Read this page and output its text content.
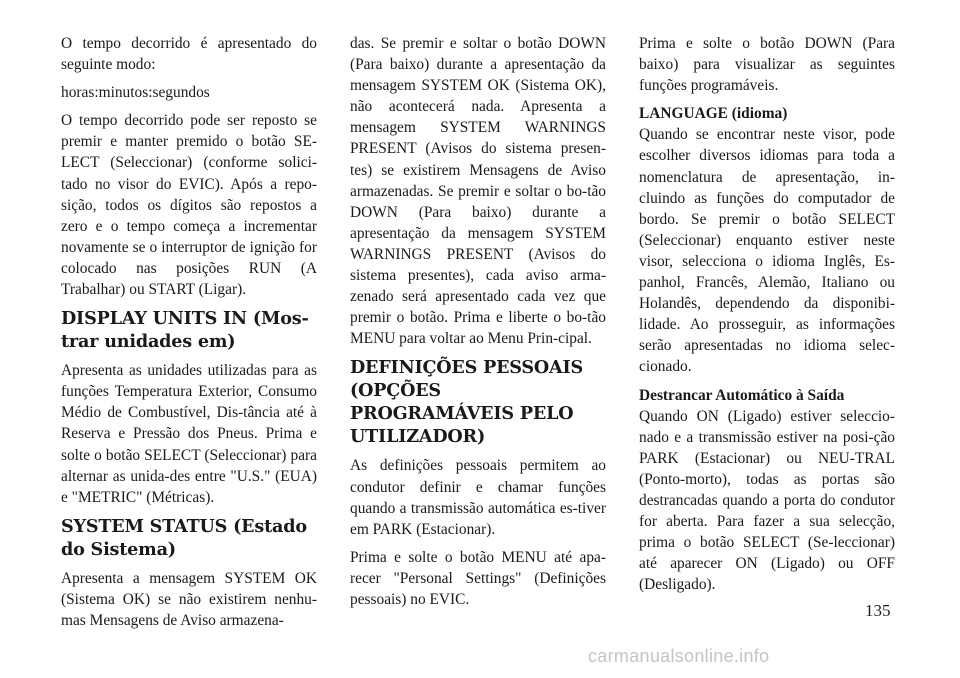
O tempo decorrido é apresentado do seguinte modo:

horas:minutos:segundos

O tempo decorrido pode ser reposto se premir e manter premido o botão SE-LECT (Seleccionar) (conforme solici-tado no visor do EVIC). Após a repo-sição, todos os dígitos são repostos a zero e o tempo começa a incrementar novamente se o interruptor de ignição for colocado nas posições RUN (A Trabalhar) ou START (Ligar).

DISPLAY UNITS IN (Mos-trar unidades em)

Apresenta as unidades utilizadas para as funções Temperatura Exterior, Consumo Médio de Combustível, Dis-tância até à Reserva e Pressão dos Pneus. Prima e solte o botão SELECT (Seleccionar) para alternar as unida-des entre "U.S." (EUA) e "METRIC" (Métricas).

SYSTEM STATUS (Estado do Sistema)

Apresenta a mensagem SYSTEM OK (Sistema OK) se não existirem nenhu-mas Mensagens de Aviso armazena-

das. Se premir e soltar o botão DOWN (Para baixo) durante a apresentação da mensagem SYSTEM OK (Sistema OK), não acontecerá nada. Apresenta a mensagem SYSTEM WARNINGS PRESENT (Avisos do sistema presen-tes) se existirem Mensagens de Aviso armazenadas. Se premir e soltar o bo-tão DOWN (Para baixo) durante a apresentação da mensagem SYSTEM WARNINGS PRESENT (Avisos do sistema presentes), cada aviso arma-zenado será apresentado cada vez que premir o botão. Prima e liberte o bo-tão MENU para voltar ao Menu Prin-cipal.

DEFINIÇÕES PESSOAIS (OPÇÕES PROGRAMÁVEIS PELO UTILIZADOR)

As definições pessoais permitem ao condutor definir e chamar funções quando a transmissão automática es-tiver em PARK (Estacionar).

Prima e solte o botão MENU até apa-recer "Personal Settings" (Definições pessoais) no EVIC.

Prima e solte o botão DOWN (Para baixo) para visualizar as seguintes funções programáveis.

LANGUAGE (idioma)
Quando se encontrar neste visor, pode escolher diversos idiomas para toda a nomenclatura de apresentação, in-cluindo as funções do computador de bordo. Se premir o botão SELECT (Seleccionar) enquanto estiver neste visor, selecciona o idioma Inglês, Es-panhol, Francês, Alemão, Italiano ou Holandês, dependendo da disponibi-lidade. Ao prosseguir, as informações serão apresentadas no idioma selec-cionado.

Destrancar Automático à Saída
Quando ON (Ligado) estiver seleccio-nado e a transmissão estiver na posi-ção PARK (Estacionar) ou NEU-TRAL (Ponto-morto), todas as portas são destrancadas quando a porta do condutor for aberta. Para fazer a sua selecção, prima o botão SELECT (Se-leccionar) até aparecer ON (Ligado) ou OFF (Desligado).

135
carmanualsonline.info
